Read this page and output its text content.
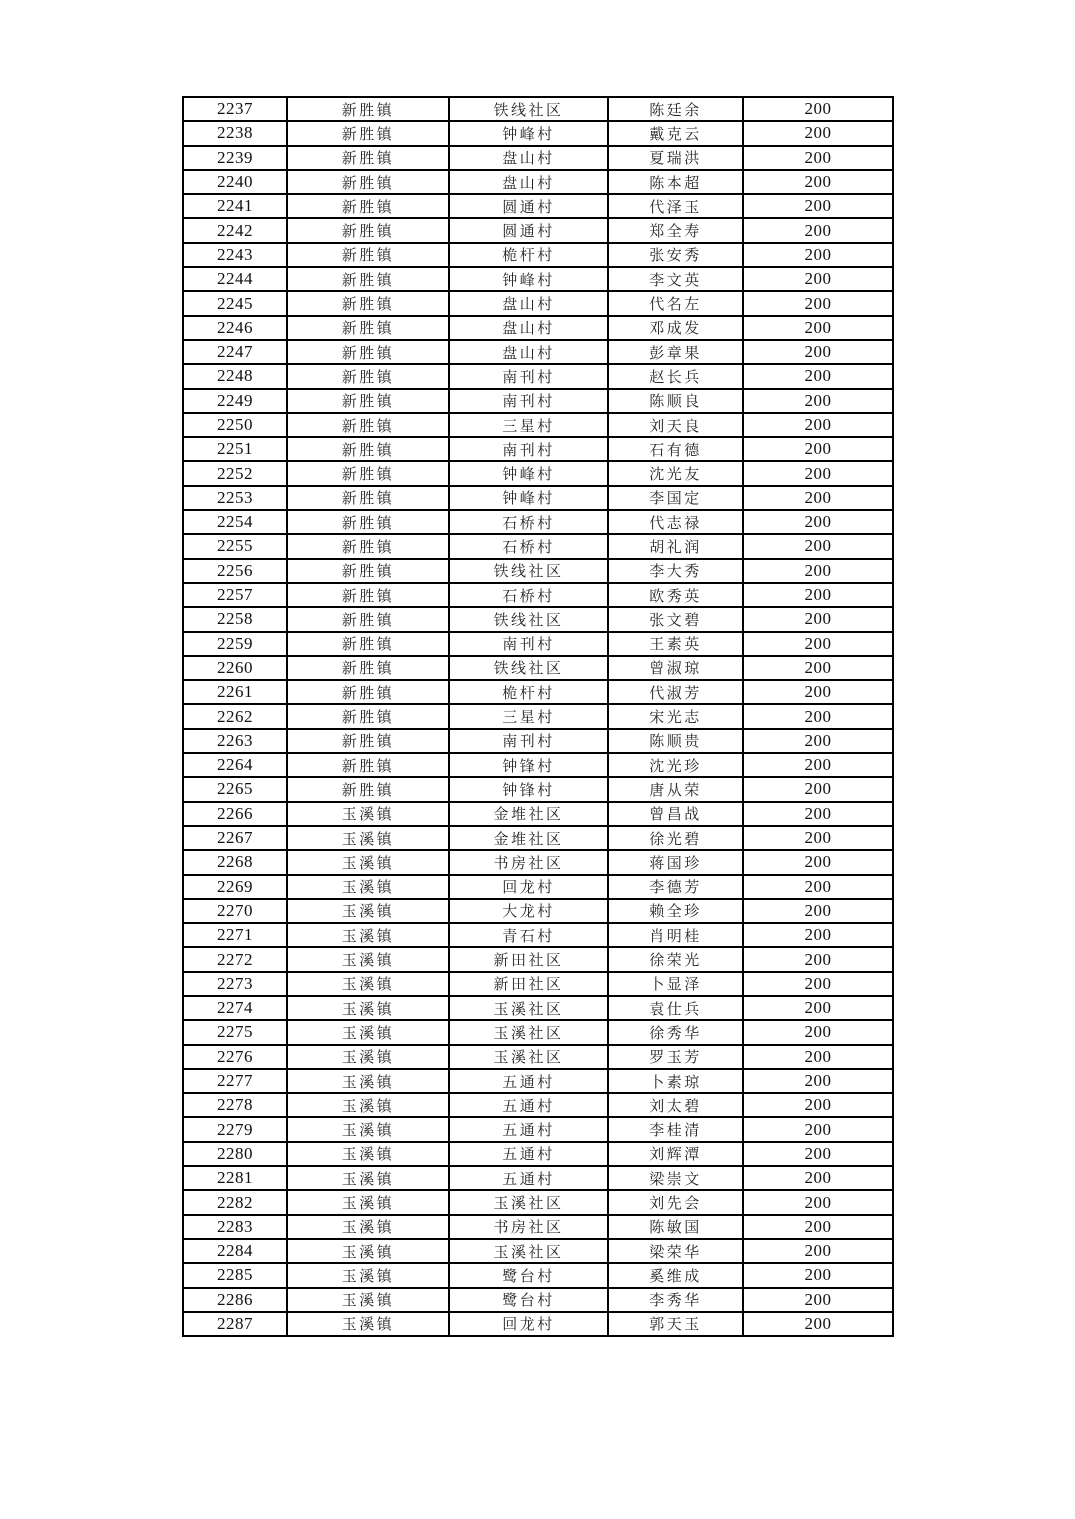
2237	新胜镇	铁线社区	陈廷余	200
2238	新胜镇	钟峰村	戴克云	200
2239	新胜镇	盘山村	夏瑞洪	200
2240	新胜镇	盘山村	陈本超	200
2241	新胜镇	圆通村	代泽玉	200
2242	新胜镇	圆通村	郑全寿	200
2243	新胜镇	桅杆村	张安秀	200
2244	新胜镇	钟峰村	李文英	200
2245	新胜镇	盘山村	代名左	200
2246	新胜镇	盘山村	邓成发	200
2247	新胜镇	盘山村	彭章果	200
2248	新胜镇	南刊村	赵长兵	200
2249	新胜镇	南刊村	陈顺良	200
2250	新胜镇	三星村	刘天良	200
2251	新胜镇	南刊村	石有德	200
2252	新胜镇	钟峰村	沈光友	200
2253	新胜镇	钟峰村	李国定	200
2254	新胜镇	石桥村	代志禄	200
2255	新胜镇	石桥村	胡礼润	200
2256	新胜镇	铁线社区	李大秀	200
2257	新胜镇	石桥村	欧秀英	200
2258	新胜镇	铁线社区	张文碧	200
2259	新胜镇	南刊村	王素英	200
2260	新胜镇	铁线社区	曾淑琼	200
2261	新胜镇	桅杆村	代淑芳	200
2262	新胜镇	三星村	宋光志	200
2263	新胜镇	南刊村	陈顺贵	200
2264	新胜镇	钟锋村	沈光珍	200
2265	新胜镇	钟锋村	唐从荣	200
2266	玉溪镇	金堆社区	曾昌战	200
2267	玉溪镇	金堆社区	徐光碧	200
2268	玉溪镇	书房社区	蒋国珍	200
2269	玉溪镇	回龙村	李德芳	200
2270	玉溪镇	大龙村	赖全珍	200
2271	玉溪镇	青石村	肖明桂	200
2272	玉溪镇	新田社区	徐荣光	200
2273	玉溪镇	新田社区	卜显泽	200
2274	玉溪镇	玉溪社区	袁仕兵	200
2275	玉溪镇	玉溪社区	徐秀华	200
2276	玉溪镇	玉溪社区	罗玉芳	200
2277	玉溪镇	五通村	卜素琼	200
2278	玉溪镇	五通村	刘太碧	200
2279	玉溪镇	五通村	李桂清	200
2280	玉溪镇	五通村	刘辉潭	200
2281	玉溪镇	五通村	梁崇文	200
2282	玉溪镇	玉溪社区	刘先会	200
2283	玉溪镇	书房社区	陈敏国	200
2284	玉溪镇	玉溪社区	梁荣华	200
2285	玉溪镇	鹭台村	奚维成	200
2286	玉溪镇	鹭台村	李秀华	200
2287	玉溪镇	回龙村	郭天玉	200
